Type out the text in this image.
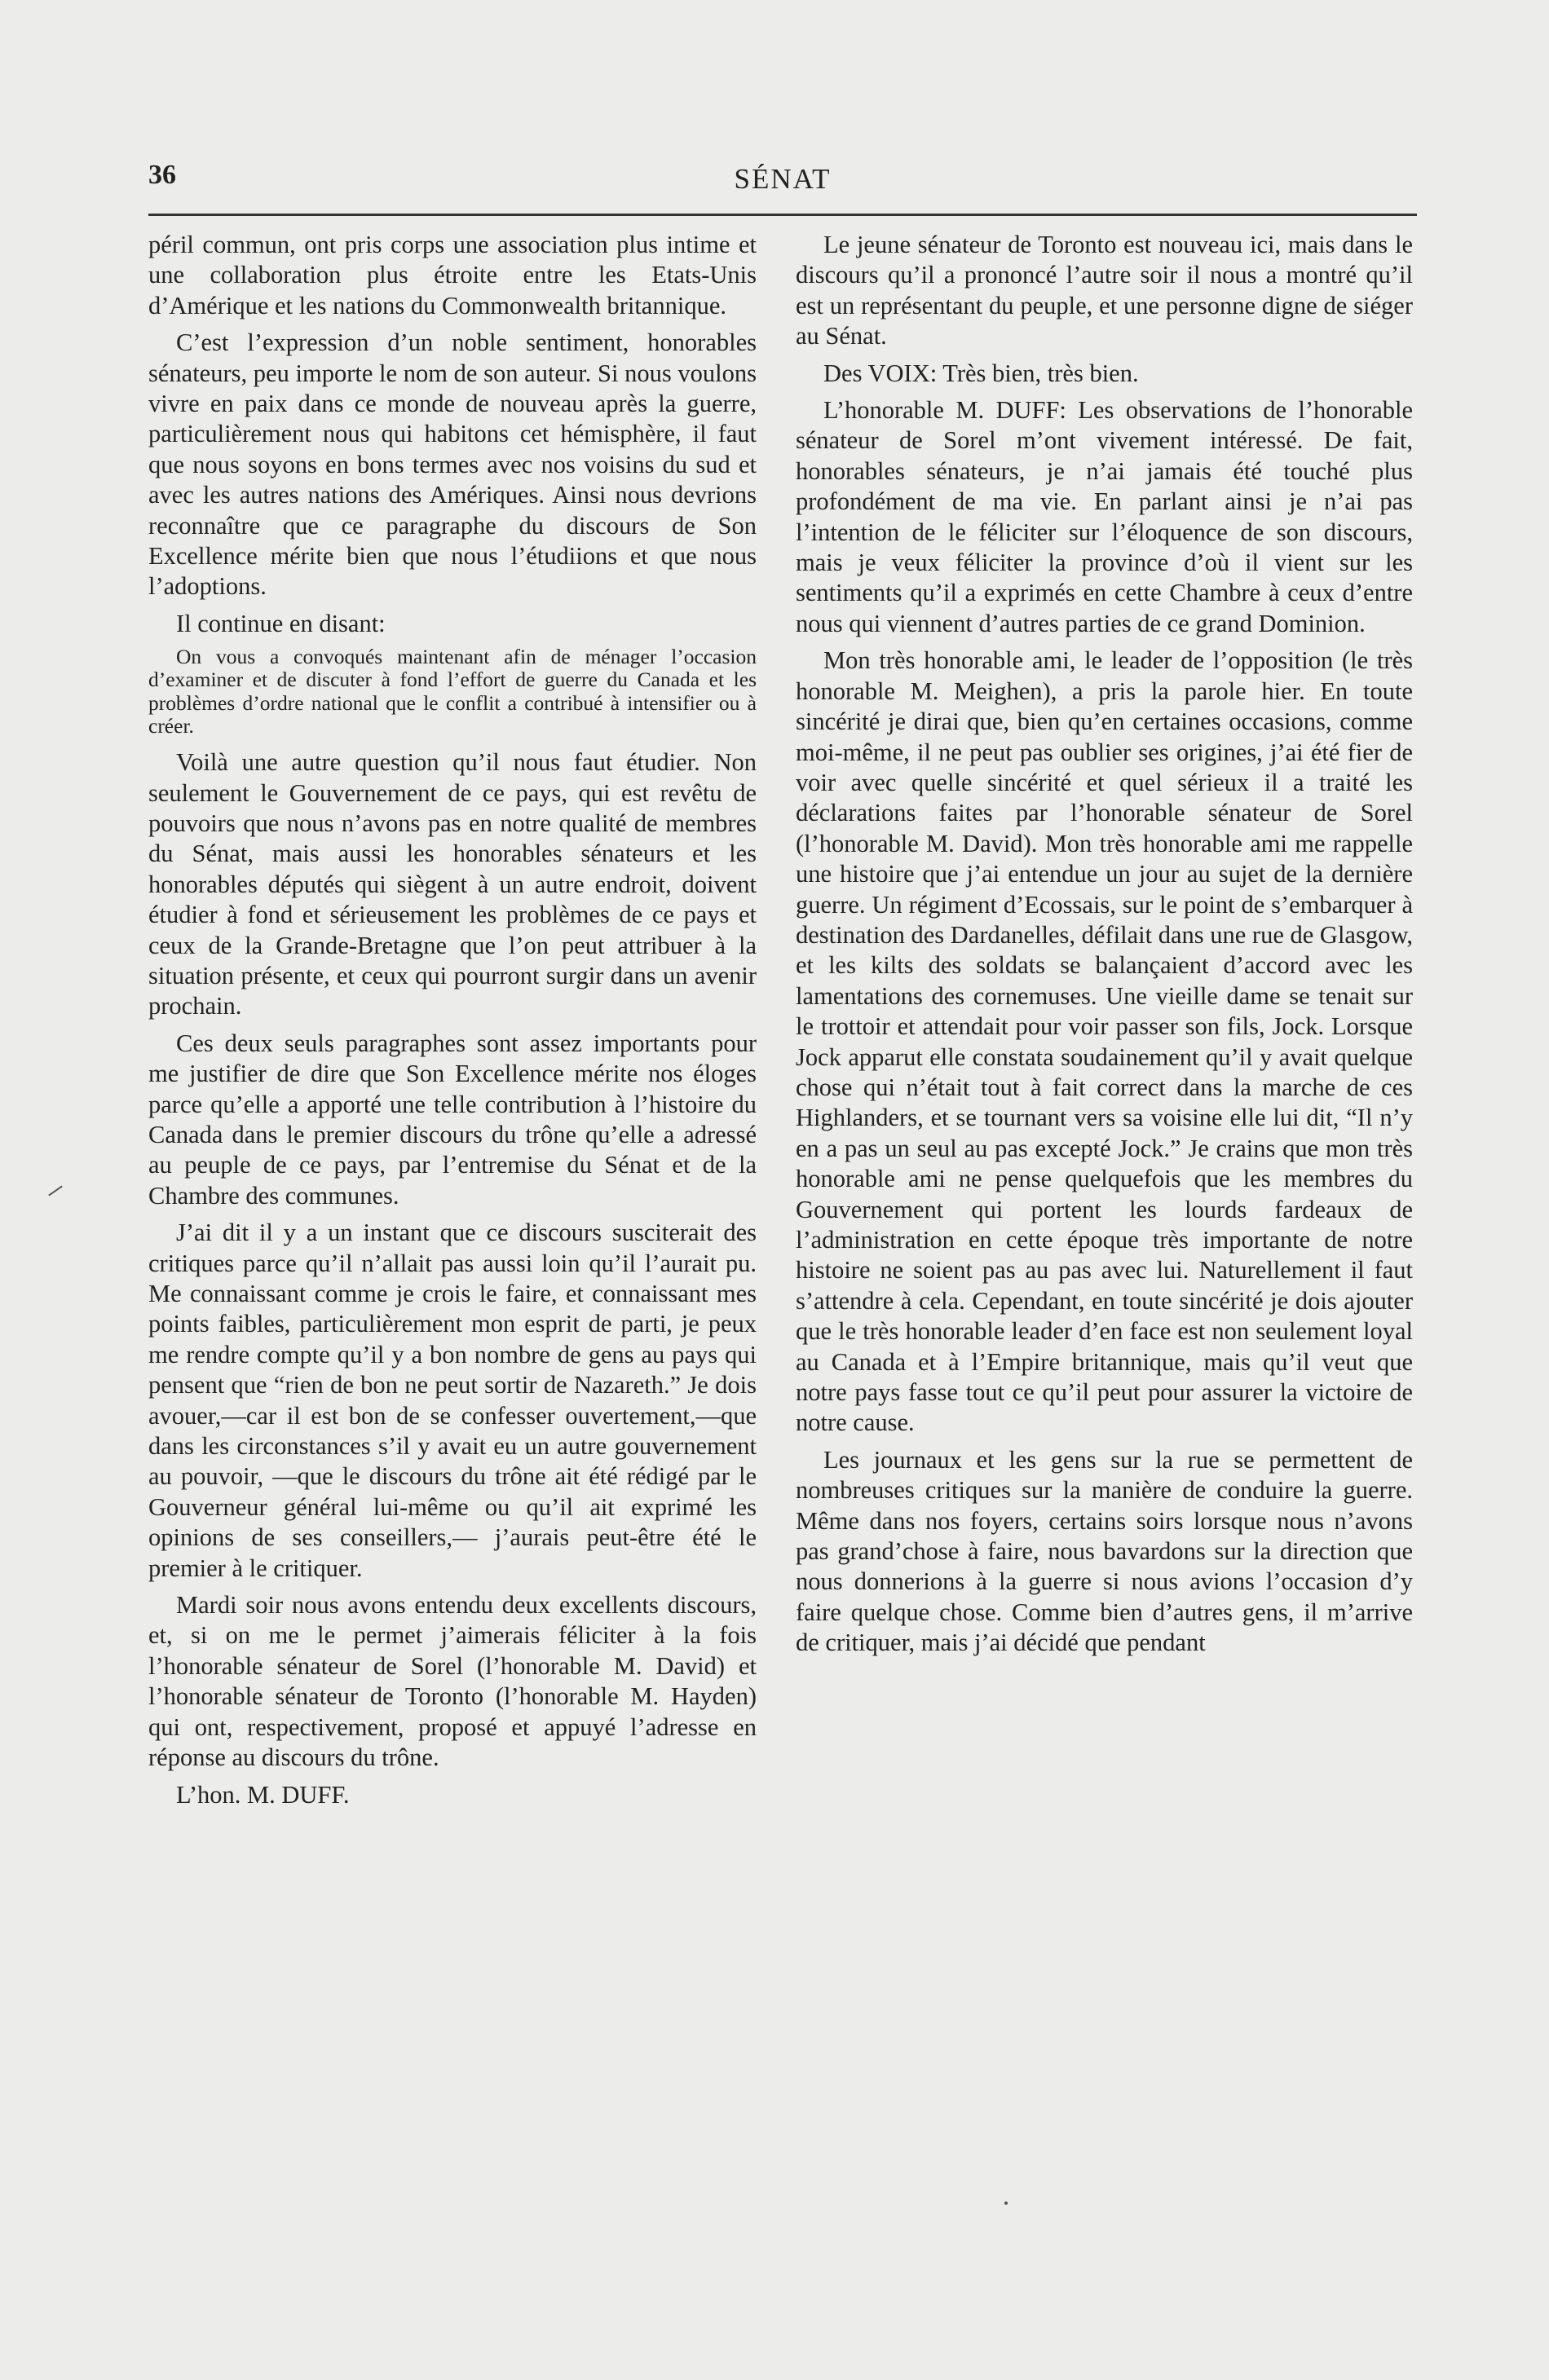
36	SÉNAT

péril commun, ont pris corps une association plus intime et une collaboration plus étroite entre les Etats-Unis d’Amérique et les nations du Commonwealth britannique.

C’est l’expression d’un noble sentiment, honorables sénateurs, peu importe le nom de son auteur. Si nous voulons vivre en paix dans ce monde de nouveau après la guerre, particulièrement nous qui habitons cet hémisphère, il faut que nous soyons en bons termes avec nos voisins du sud et avec les autres nations des Amériques. Ainsi nous devrions reconnaître que ce paragraphe du discours de Son Excellence mérite bien que nous l’étudiions et que nous l’adoptions.

Il continue en disant:

On vous a convoqués maintenant afin de ménager l’occasion d’examiner et de discuter à fond l’effort de guerre du Canada et les problèmes d’ordre national que le conflit a contribué à intensifier ou à créer.

Voilà une autre question qu’il nous faut étudier. Non seulement le Gouvernement de ce pays, qui est revêtu de pouvoirs que nous n’avons pas en notre qualité de membres du Sénat, mais aussi les honorables sénateurs et les honorables députés qui siègent à un autre endroit, doivent étudier à fond et sérieusement les problèmes de ce pays et ceux de la Grande-Bretagne que l’on peut attribuer à la situation présente, et ceux qui pourront surgir dans un avenir prochain.

Ces deux seuls paragraphes sont assez importants pour me justifier de dire que Son Excellence mérite nos éloges parce qu’elle a apporté une telle contribution à l’histoire du Canada dans le premier discours du trône qu’elle a adressé au peuple de ce pays, par l’entremise du Sénat et de la Chambre des communes.

J’ai dit il y a un instant que ce discours susciterait des critiques parce qu’il n’allait pas aussi loin qu’il l’aurait pu. Me connaissant comme je crois le faire, et connaissant mes points faibles, particulièrement mon esprit de parti, je peux me rendre compte qu’il y a bon nombre de gens au pays qui pensent que “rien de bon ne peut sortir de Nazareth.” Je dois avouer,—car il est bon de se confesser ouvertement,—que dans les circonstances s’il y avait eu un autre gouvernement au pouvoir, —que le discours du trône ait été rédigé par le Gouverneur général lui-même ou qu’il ait exprimé les opinions de ses conseillers,— j’aurais peut-être été le premier à le critiquer.

Mardi soir nous avons entendu deux excellents discours, et, si on me le permet j’aimerais féliciter à la fois l’honorable sénateur de Sorel (l’honorable M. David) et l’honorable sénateur de Toronto (l’honorable M. Hayden) qui ont, respectivement, proposé et appuyé l’adresse en réponse au discours du trône.

L’hon. M. DUFF.

Le jeune sénateur de Toronto est nouveau ici, mais dans le discours qu’il a prononcé l’autre soir il nous a montré qu’il est un représentant du peuple, et une personne digne de siéger au Sénat.

Des VOIX: Très bien, très bien.

L’honorable M. DUFF: Les observations de l’honorable sénateur de Sorel m’ont vivement intéressé. De fait, honorables sénateurs, je n’ai jamais été touché plus profondément de ma vie. En parlant ainsi je n’ai pas l’intention de le féliciter sur l’éloquence de son discours, mais je veux féliciter la province d’où il vient sur les sentiments qu’il a exprimés en cette Chambre à ceux d’entre nous qui viennent d’autres parties de ce grand Dominion.

Mon très honorable ami, le leader de l’opposition (le très honorable M. Meighen), a pris la parole hier. En toute sincérité je dirai que, bien qu’en certaines occasions, comme moi-même, il ne peut pas oublier ses origines, j’ai été fier de voir avec quelle sincérité et quel sérieux il a traité les déclarations faites par l’honorable sénateur de Sorel (l’honorable M. David). Mon très honorable ami me rappelle une histoire que j’ai entendue un jour au sujet de la dernière guerre. Un régiment d’Ecossais, sur le point de s’embarquer à destination des Dardanelles, défilait dans une rue de Glasgow, et les kilts des soldats se balançaient d’accord avec les lamentations des cornemuses. Une vieille dame se tenait sur le trottoir et attendait pour voir passer son fils, Jock. Lorsque Jock apparut elle constata soudainement qu’il y avait quelque chose qui n’était tout à fait correct dans la marche de ces Highlanders, et se tournant vers sa voisine elle lui dit, “Il n’y en a pas un seul au pas excepté Jock.” Je crains que mon très honorable ami ne pense quelquefois que les membres du Gouvernement qui portent les lourds fardeaux de l’administration en cette époque très importante de notre histoire ne soient pas au pas avec lui. Naturellement il faut s’attendre à cela. Cependant, en toute sincérité je dois ajouter que le très honorable leader d’en face est non seulement loyal au Canada et à l’Empire britannique, mais qu’il veut que notre pays fasse tout ce qu’il peut pour assurer la victoire de notre cause.

Les journaux et les gens sur la rue se permettent de nombreuses critiques sur la manière de conduire la guerre. Même dans nos foyers, certains soirs lorsque nous n’avons pas grand’chose à faire, nous bavardons sur la direction que nous donnerions à la guerre si nous avions l’occasion d’y faire quelque chose. Comme bien d’autres gens, il m’arrive de critiquer, mais j’ai décidé que pendant
